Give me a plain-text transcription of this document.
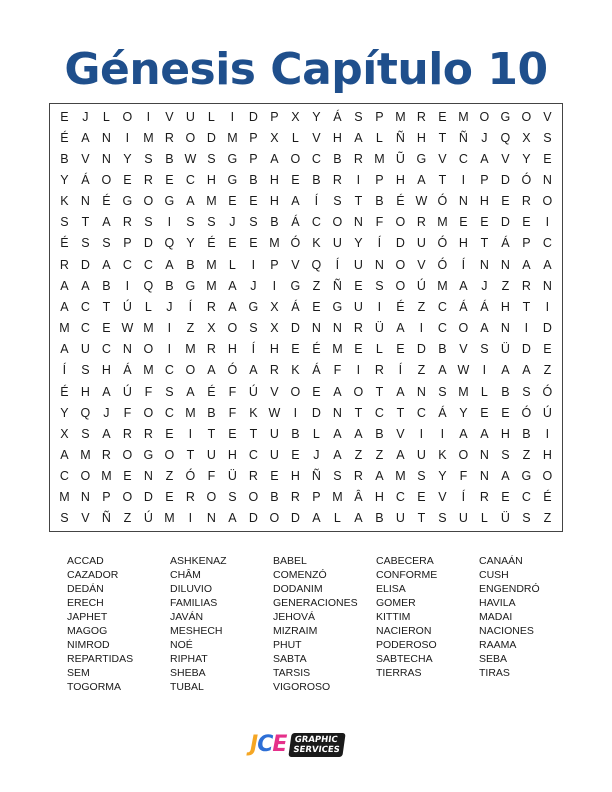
Génesis Capítulo 10
E	J	L O	I	V U	L	I	D P X Y Á S P M R E M O G O V
É A N	I	M R O D M P X	L	V H A	L	Ñ H T Ñ	J	Q X S
B V N Y S B W S G P A O C B R M Ũ G V C A V Y E
Y Á O E R E C H G B H E B R	I	P H A	T	I	P D Ó N
K N É G O G A M E E H A	Í	S	T	B É W Ó N H E R O
S	T	A R S	I	S S	J	S B Á C O N F O R M E E D E	I
É S S P D Q Y É E E M Ó K U Y	Í	D U Ó H T	Á P C
R D A C C A B M L	I	P V Q	Í	U N O V Ó	Í	N N A A
A A B	I	Q B G M A	J	I	G Z Ñ E S O Ú M A	J	Z R N
A C T Ú	L	J	Í	R A G X Á E G U	I	É	Z C Á Á H T	I
M C E W M	I	Z	X O S X D N N R Ü A	I	C O A N	I	D
A U C N O	I	M R H	Í	H E É M E	L	E D B V S Ü D E
Í	S H Á M C O A Ó A R K Á	F	I	R	Í	Z	A W	I	A A	Z
É H A Ú F	S A É	F Ú V O E A O T	A N S M L	B S Ó
Y Q	J	F O C M B	F	K W	I	D N T C T C Á Y E E Ó Ú
X S A R R E	I	T	E	T U B	L	A A B V	I	I	A A H B	I
A M R O G O T U H C U E	J	A	Z	Z	A U K O N S	Z H
C O M E N Z Ó F Ü R E H Ñ S R A M S Y	F N A G O
M N P O D E R O S O B R P M Â H C E V	Í	R E C É
S V Ñ Z Ú M	I	N A D O D A	L	A B U T	S U	L	Ü S	Z
ACCAD	ASHKENAZ	BABEL	CABECERA	CANAÁN
CAZADOR	CHÂM	COMENZÓ	CONFORME	CUSH
DEDÁN	DILUVIO	DODANIM	ELISA	ENGENDRÓ
ERECH	FAMILIAS	GENERACIONES	GOMER	HAVILA
JAPHET	JAVÁN	JEHOVÁ	KITTIM	MADAI
MAGOG	MESHECH	MIZRAIM	NACIERON	NACIONES
NIMROD	NOÉ	PHUT	PODEROSO	RAAMA
REPARTIDAS	RIPHAT	SABTA	SABTECHA	SEBA
SEM	SHEBA	TARSIS	TIERRAS	TIRAS
TOGORMA	TUBAL	VIGOROSO
JCE GRAPHIC
SERVICES
